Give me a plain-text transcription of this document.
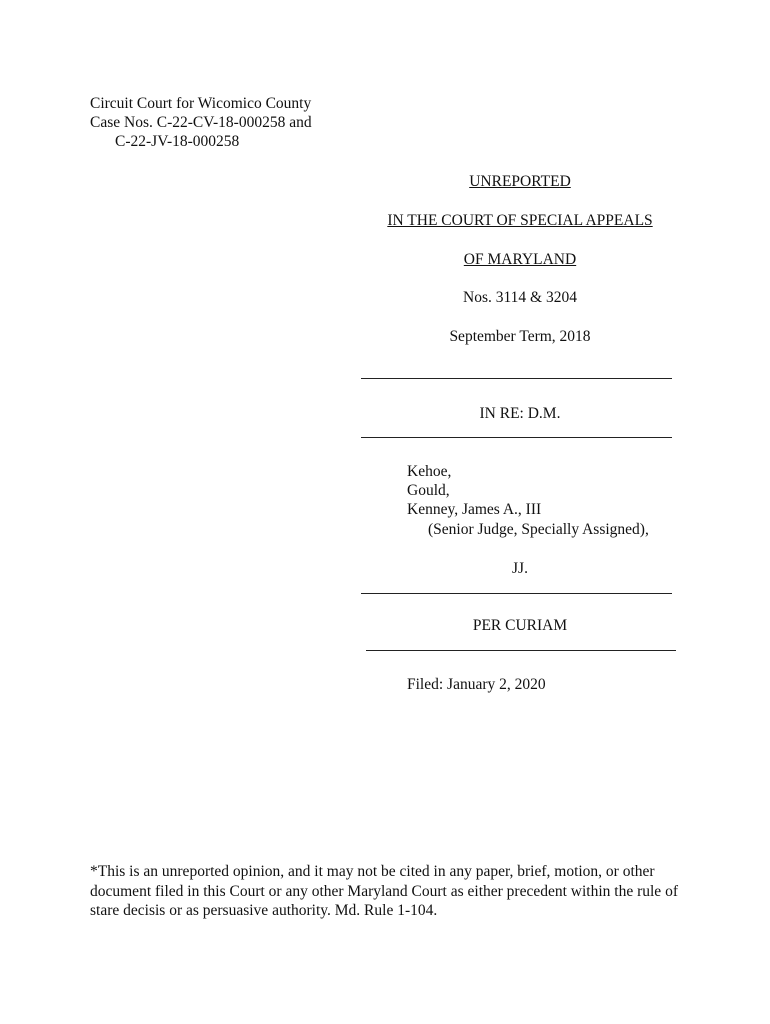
Circuit Court for Wicomico County
Case Nos. C-22-CV-18-000258 and
C-22-JV-18-000258
UNREPORTED
IN THE COURT OF SPECIAL APPEALS
OF MARYLAND
Nos. 3114 & 3204
September Term, 2018
IN RE: D.M.
Kehoe,
Gould,
Kenney, James A., III
(Senior Judge, Specially Assigned),
JJ.
PER CURIAM
Filed: January 2, 2020
*This is an unreported opinion, and it may not be cited in any paper, brief, motion, or other document filed in this Court or any other Maryland Court as either precedent within the rule of stare decisis or as persuasive authority. Md. Rule 1-104.
